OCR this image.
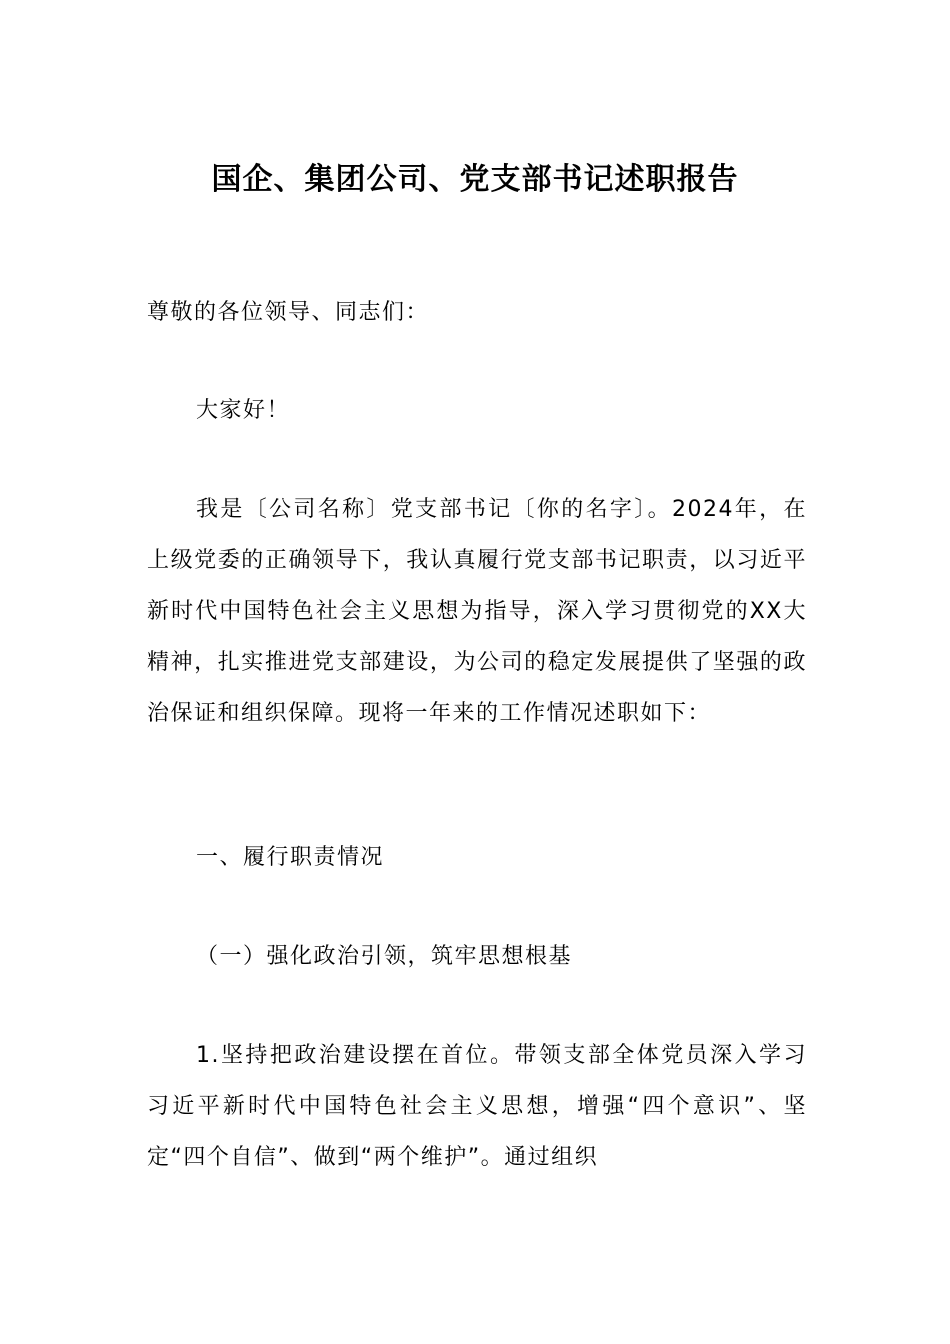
国企、集团公司、党支部书记述职报告
尊敬的各位领导、同志们：
大家好！
我是〔公司名称〕党支部书记〔你的名字〕。2024年，在上级党委的正确领导下，我认真履行党支部书记职责，以习近平新时代中国特色社会主义思想为指导，深入学习贯彻党的XX大精神，扎实推进党支部建设，为公司的稳定发展提供了坚强的政治保证和组织保障。现将一年来的工作情况述职如下：
一、履行职责情况
（一）强化政治引领，筑牢思想根基
1.坚持把政治建设摆在首位。带领支部全体党员深入学习习近平新时代中国特色社会主义思想，增强“四个意识”、坚定“四个自信”、做到“两个维护”。通过组织
